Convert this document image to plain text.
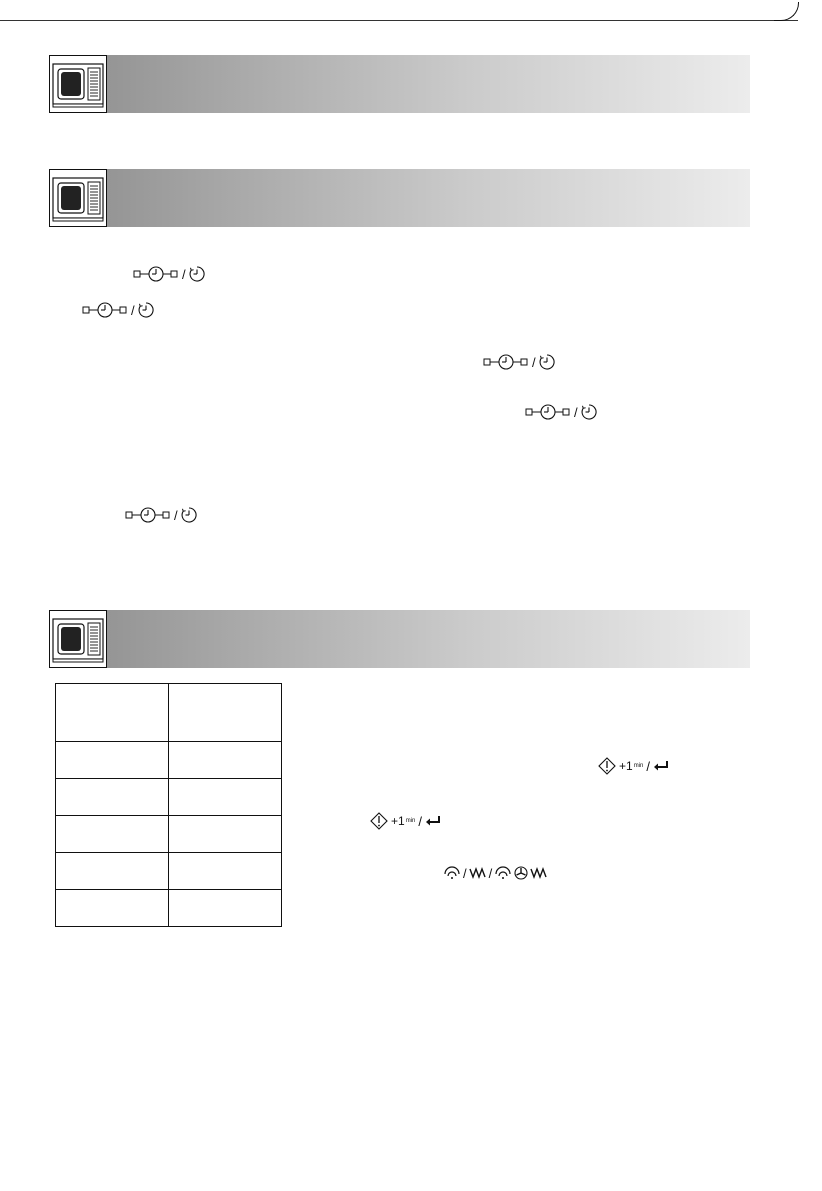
/
/
/
/
/

+1 min /
+1 min /
/ /
